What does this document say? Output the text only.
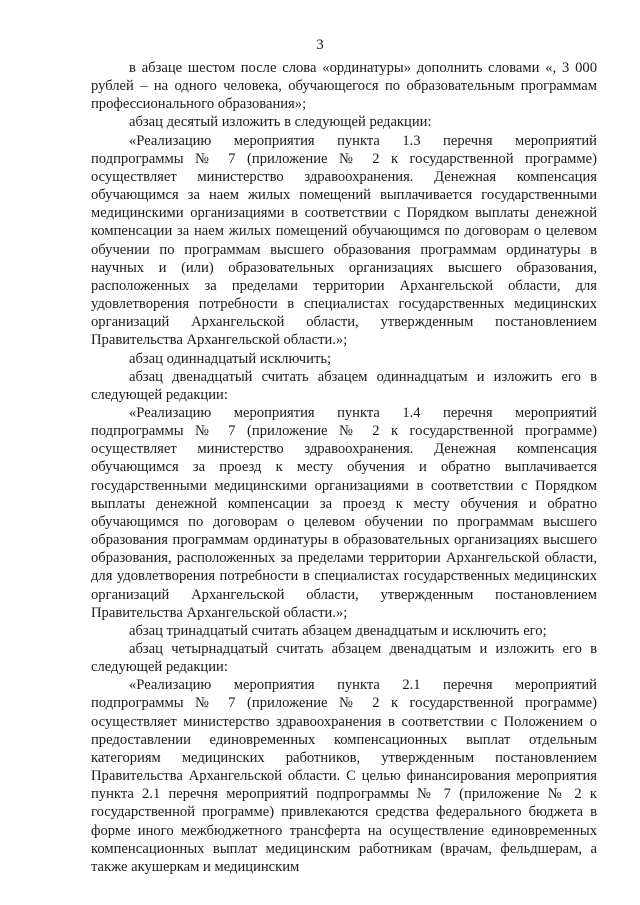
3

в абзаце шестом после слова «ординатуры» дополнить словами «, 3 000 рублей – на одного человека, обучающегося по образовательным программам профессионального образования»;

абзац десятый изложить в следующей редакции:

«Реализацию мероприятия пункта 1.3 перечня мероприятий подпрограммы № 7 (приложение № 2 к государственной программе) осуществляет министерство здравоохранения. Денежная компенсация обучающимся за наем жилых помещений выплачивается государственными медицинскими организациями в соответствии с Порядком выплаты денежной компенсации за наем жилых помещений обучающимся по договорам о целевом обучении по программам высшего образования программам ординатуры в научных и (или) образовательных организациях высшего образования, расположенных за пределами территории Архангельской области, для удовлетворения потребности в специалистах государственных медицинских организаций Архангельской области, утвержденным постановлением Правительства Архангельской области.»;

абзац одиннадцатый исключить;

абзац двенадцатый считать абзацем одиннадцатым и изложить его в следующей редакции:

«Реализацию мероприятия пункта 1.4 перечня мероприятий подпрограммы № 7 (приложение № 2 к государственной программе) осуществляет министерство здравоохранения. Денежная компенсация обучающимся за проезд к месту обучения и обратно выплачивается государственными медицинскими организациями в соответствии с Порядком выплаты денежной компенсации за проезд к месту обучения и обратно обучающимся по договорам о целевом обучении по программам высшего образования программам ординатуры в образовательных организациях высшего образования, расположенных за пределами территории Архангельской области, для удовлетворения потребности в специалистах государственных медицинских организаций Архангельской области, утвержденным постановлением Правительства Архангельской области.»;

абзац тринадцатый считать абзацем двенадцатым и исключить его;

абзац четырнадцатый считать абзацем двенадцатым и изложить его в следующей редакции:

«Реализацию мероприятия пункта 2.1 перечня мероприятий подпрограммы № 7 (приложение № 2 к государственной программе) осуществляет министерство здравоохранения в соответствии с Положением о предоставлении единовременных компенсационных выплат отдельным категориям медицинских работников, утвержденным постановлением Правительства Архангельской области. С целью финансирования мероприятия пункта 2.1 перечня мероприятий подпрограммы № 7 (приложение № 2 к государственной программе) привлекаются средства федерального бюджета в форме иного межбюджетного трансферта на осуществление единовременных компенсационных выплат медицинским работникам (врачам, фельдшерам, а также акушеркам и медицинским
